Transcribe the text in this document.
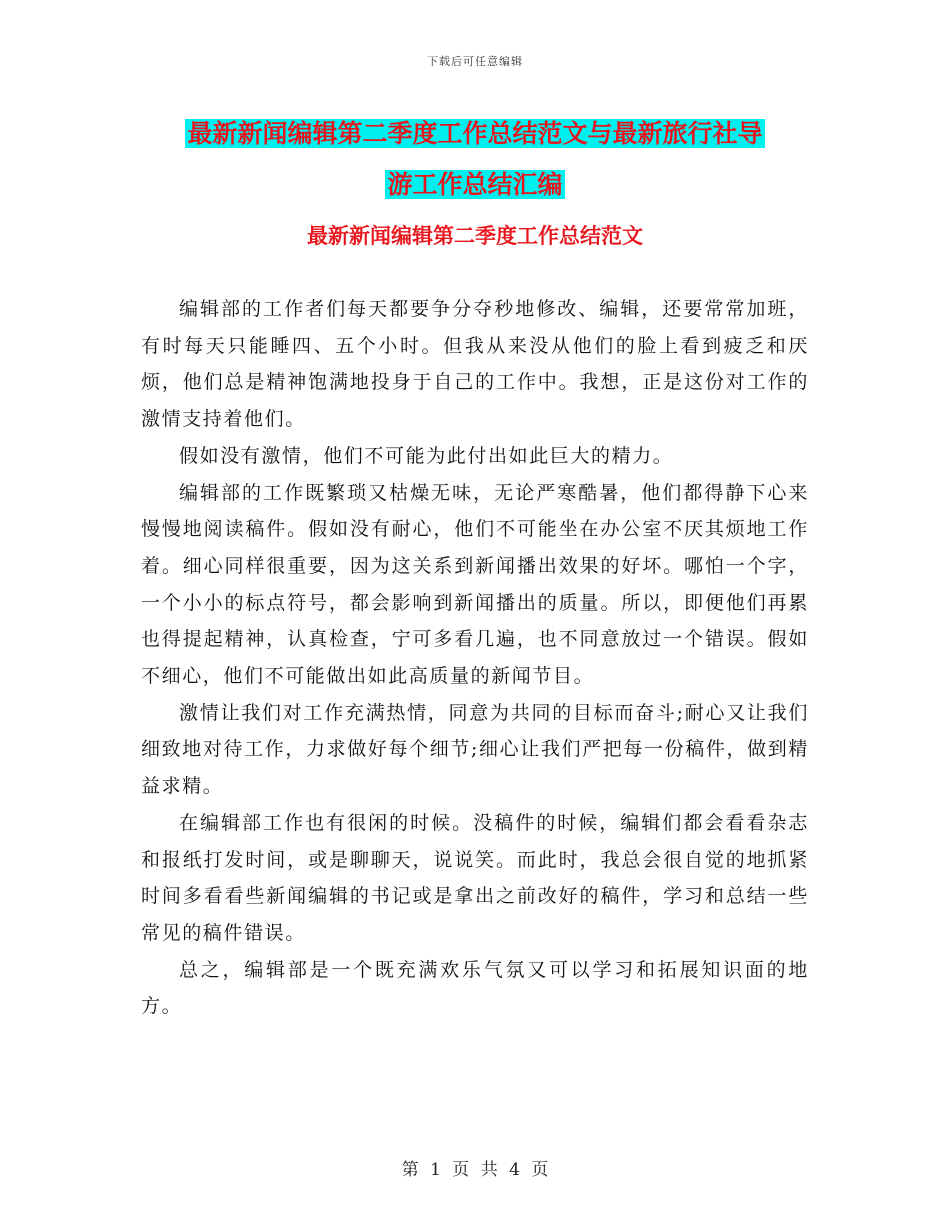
下载后可任意编辑
最新新闻编辑第二季度工作总结范文与最新旅行社导
游工作总结汇编
最新新闻编辑第二季度工作总结范文

编辑部的工作者们每天都要争分夺秒地修改、编辑，还要常常加班，有时每天只能睡四、五个小时。但我从来没从他们的脸上看到疲乏和厌烦，他们总是精神饱满地投身于自己的工作中。我想，正是这份对工作的激情支持着他们。

假如没有激情，他们不可能为此付出如此巨大的精力。

编辑部的工作既繁琐又枯燥无味，无论严寒酷暑，他们都得静下心来慢慢地阅读稿件。假如没有耐心，他们不可能坐在办公室不厌其烦地工作着。细心同样很重要，因为这关系到新闻播出效果的好坏。哪怕一个字，一个小小的标点符号，都会影响到新闻播出的质量。所以，即便他们再累也得提起精神，认真检查，宁可多看几遍，也不同意放过一个错误。假如不细心，他们不可能做出如此高质量的新闻节目。

激情让我们对工作充满热情，同意为共同的目标而奋斗;耐心又让我们细致地对待工作，力求做好每个细节;细心让我们严把每一份稿件，做到精益求精。

在编辑部工作也有很闲的时候。没稿件的时候，编辑们都会看看杂志和报纸打发时间，或是聊聊天，说说笑。而此时，我总会很自觉的地抓紧时间多看看些新闻编辑的书记或是拿出之前改好的稿件，学习和总结一些常见的稿件错误。

总之，编辑部是一个既充满欢乐气氛又可以学习和拓展知识面的地方。

第 1 页 共 4 页
